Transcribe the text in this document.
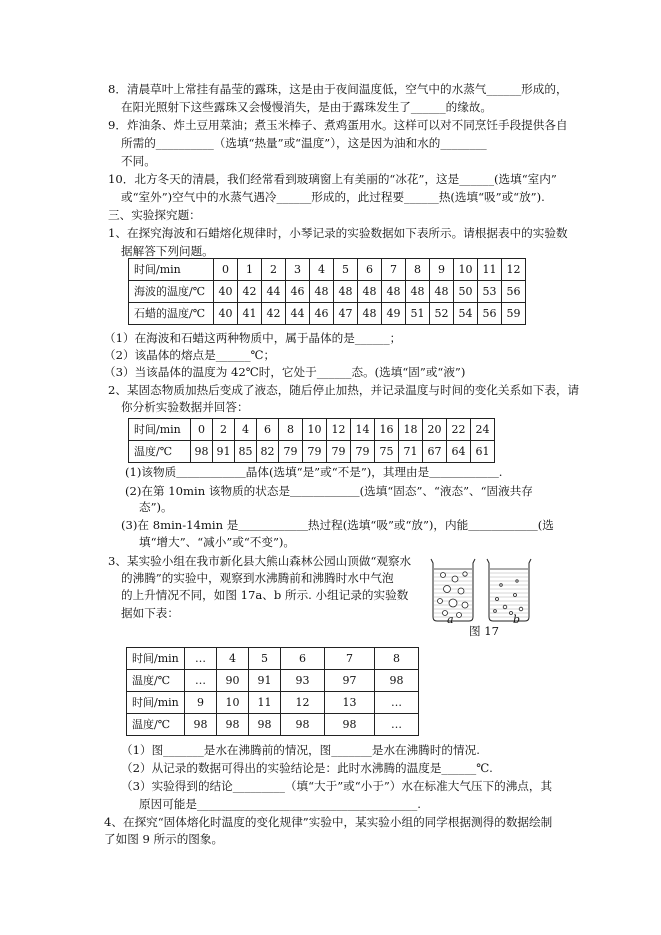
8．清晨草叶上常挂有晶莹的露珠，这是由于夜间温度低，空气中的水蒸气______形成的，
在阳光照射下这些露珠又会慢慢消失，是由于露珠发生了______的缘故。
9．炸油条、炸土豆用菜油；煮玉米棒子、煮鸡蛋用水。这样可以对不同烹饪手段提供各自
所需的__________（选填“热量”或“温度”），这是因为油和水的________
不同。
10．北方冬天的清晨，我们经常看到玻璃窗上有美丽的“冰花”，这是______(选填“室内”
或“室外”)空气中的水蒸气遇冷______形成的，此过程要______热(选填“吸”或“放”).
三、实验探究题：
1、在探究海波和石蜡熔化规律时，小琴记录的实验数据如下表所示。请根据表中的实验数
据解答下列问题。
时间/min	0	1	2	3	4	5	6	7	8	9	10	11	12
海波的温度/℃	40	42	44	46	48	48	48	48	48	48	50	53	56
石蜡的温度/℃	40	41	42	44	46	47	48	49	51	52	54	56	59
（1）在海波和石蜡这两种物质中，属于晶体的是______；
（2）该晶体的熔点是______℃；
（3）当该晶体的温度为 42℃时，它处于______态。(选填“固”或“液”)
2、某固态物质加热后变成了液态，随后停止加热，并记录温度与时间的变化关系如下表，请
你分析实验数据并回答：
时间/min	0	2	4	6	8	10	12	14	16	18	20	22	24
温度/℃	98	91	85	82	79	79	79	79	75	71	67	64	61
(1)该物质＿＿＿＿＿＿晶体(选填“是”或“不是”)，其理由是＿＿＿＿＿＿.
(2)在第 10min 该物质的状态是＿＿＿＿＿＿(选填“固态”、“液态”、“固液共存
态”)。
(3)在 8min-14min 是＿＿＿＿＿＿热过程(选填“吸”或“放”)，内能＿＿＿＿＿＿(选
填“增大”、“减小”或“不变”)。
3、某实验小组在我市新化县大熊山森林公园山顶做“观察水
的沸腾”的实验中，观察到水沸腾前和沸腾时水中气泡
的上升情况不同，如图 17a、b 所示. 小组记录的实验数
据如下表：	a	b
图 17
时间/min	…	4	5	6	7	8
温度/℃	…	90	91	93	97	98
时间/min	9	10	11	12	13	…
温度/℃	98	98	98	98	98	…
（1）图_______是水在沸腾前的情况，图_______是水在沸腾时的情况.
（2）从记录的数据可得出的实验结论是：此时水沸腾的温度是______℃.
（3）实验得到的结论_________（填“大于”或“小于”）水在标准大气压下的沸点，其
原因可能是______________________________________.
4、在探究“固体熔化时温度的变化规律”实验中，某实验小组的同学根据测得的数据绘制
了如图 9 所示的图象。
